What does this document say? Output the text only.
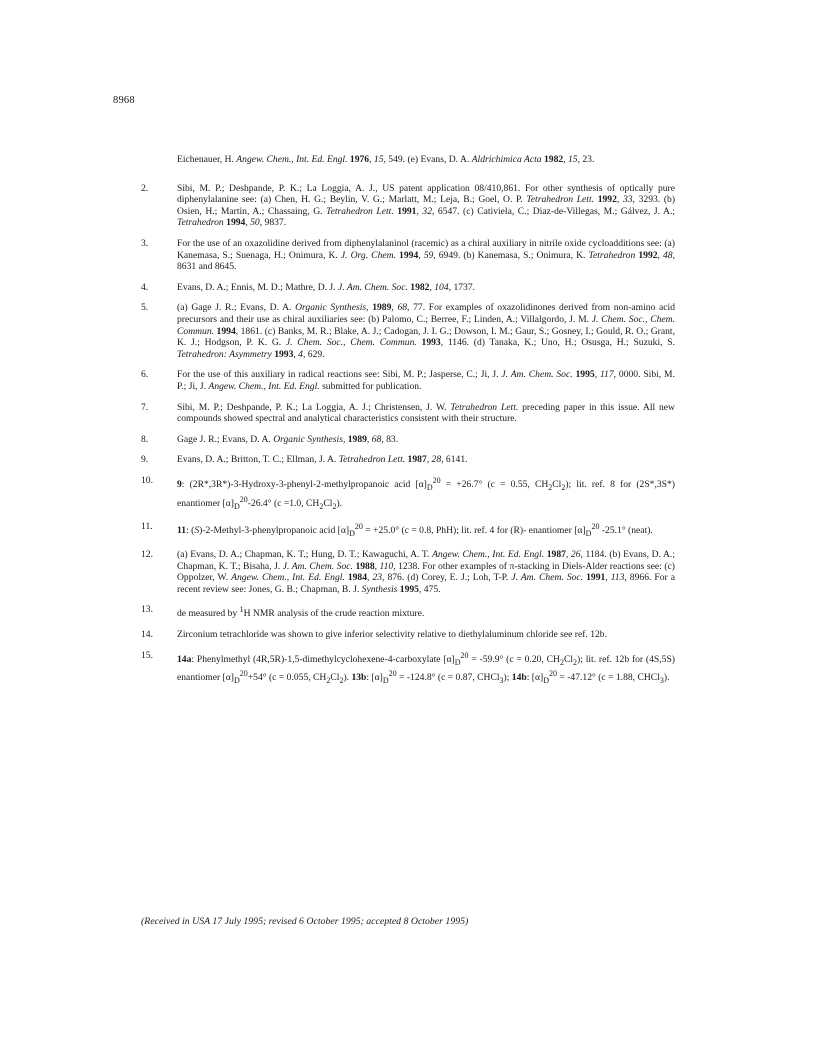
8968
Eichenauer, H. Angew. Chem., Int. Ed. Engl. 1976, 15, 549. (e) Evans, D. A. Aldrichimica Acta 1982, 15, 23.
2.	Sibi, M. P.; Deshpande, P. K.; La Loggia, A. J., US patent application 08/410,861. For other synthesis of optically pure diphenylalanine see: (a) Chen, H. G.; Beylin, V. G.; Marlatt, M.; Leja, B.; Goel, O. P. Tetrahedron Lett. 1992, 33, 3293. (b) Osien, H.; Martin, A.; Chassaing, G. Tetrahedron Lett. 1991, 32, 6547. (c) Cativiela, C.; Diaz-de-Villegas, M.; Gálvez, J. A.; Tetrahedron 1994, 50, 9837.
3.	For the use of an oxazolidine derived from diphenylalaninol (racemic) as a chiral auxiliary in nitrile oxide cycloadditions see: (a) Kanemasa, S.; Suenaga, H.; Onimura, K. J. Org. Chem. 1994, 59, 6949. (b) Kanemasa, S.; Onimura, K. Tetrahedron 1992, 48, 8631 and 8645.
4.	Evans, D. A.; Ennis, M. D.; Mathre, D. J. J. Am. Chem. Soc. 1982, 104, 1737.
5.	(a) Gage J. R.; Evans, D. A. Organic Synthesis, 1989, 68, 77. For examples of oxazolidinones derived from non-amino acid precursors and their use as chiral auxiliaries see: (b) Palomo, C.; Berree, F.; Linden, A.; Villalgordo, J. M. J. Chem. Soc., Chem. Commun. 1994, 1861. (c) Banks, M. R.; Blake, A. J.; Cadogan, J. I. G.; Dowson, I. M.; Gaur, S.; Gosney, I.; Gould, R. O.; Grant, K. J.; Hodgson, P. K. G. J. Chem. Soc., Chem. Commun. 1993, 1146. (d) Tanaka, K.; Uno, H.; Osusga, H.; Suzuki, S. Tetrahedron: Asymmetry 1993, 4, 629.
6.	For the use of this auxiliary in radical reactions see: Sibi, M. P.; Jasperse, C.; Ji, J. J. Am. Chem. Soc. 1995, 117, 0000. Sibi, M. P.; Ji, J. Angew. Chem., Int. Ed. Engl. submitted for publication.
7.	Sibi, M. P.; Deshpande, P. K.; La Loggia, A. J.; Christensen, J. W. Tetrahedron Lett. preceding paper in this issue. All new compounds showed spectral and analytical characteristics consistent with their structure.
8.	Gage J. R.; Evans, D. A. Organic Synthesis, 1989, 68, 83.
9.	Evans, D. A.; Britton, T. C.; Ellman, J. A. Tetrahedron Lett. 1987, 28, 6141.
10.	9: (2R*,3R*)-3-Hydroxy-3-phenyl-2-methylpropanoic acid $[\alpha]_D^{20} = +26.7^\circ$ (c = 0.55, $CH_2Cl_2$); lit. ref. 8 for (2S*,3S*) enantiomer $[\alpha]_D^{20}-26.4^\circ$ (c =1.0, $CH_2Cl_2$).
11.	11: (S)-2-Methyl-3-phenylpropanoic acid $[\alpha]_D^{20} = +25.0^\circ$ (c = 0.8, PhH); lit. ref. 4 for (R)- enantiomer $[\alpha]_D^{20}$ -25.1° (neat).
12.	(a) Evans, D. A.; Chapman, K. T.; Hung, D. T.; Kawaguchi, A. T. Angew. Chem., Int. Ed. Engl. 1987, 26, 1184. (b) Evans, D. A.; Chapman, K. T.; Bisaha, J. J. Am. Chem. Soc. 1988, 110, 1238. For other examples of π-stacking in Diels-Alder reactions see: (c) Oppolzer, W. Angew. Chem., Int. Ed. Engl. 1984, 23, 876. (d) Corey, E. J.; Loh, T-P. J. Am. Chem. Soc. 1991, 113, 8966. For a recent review see: Jones, G. B.; Chapman, B. J. Synthesis 1995, 475.
13.	de measured by $^1$H NMR analysis of the crude reaction mixture.
14.	Zirconium tetrachloride was shown to give inferior selectivity relative to diethylaluminum chloride see ref. 12b.
15.	14a: Phenylmethyl (4R,5R)-1,5-dimethylcyclohexene-4-carboxylate $[\alpha]_D^{20} = -59.9^\circ$ (c = 0.20, $CH_2Cl_2$); lit. ref. 12b for (4S,5S) enantiomer $[\alpha]_D^{20}+54^\circ$ (c = 0.055, $CH_2Cl_2$). 13b: $[\alpha]_D^{20} = -124.8^\circ$ (c = 0.87, CHCl$_3$); 14b: $[\alpha]_D^{20} = -47.12^\circ$ (c = 1.88, CHCl$_3$).
(Received in USA 17 July 1995; revised 6 October 1995; accepted 8 October 1995)
